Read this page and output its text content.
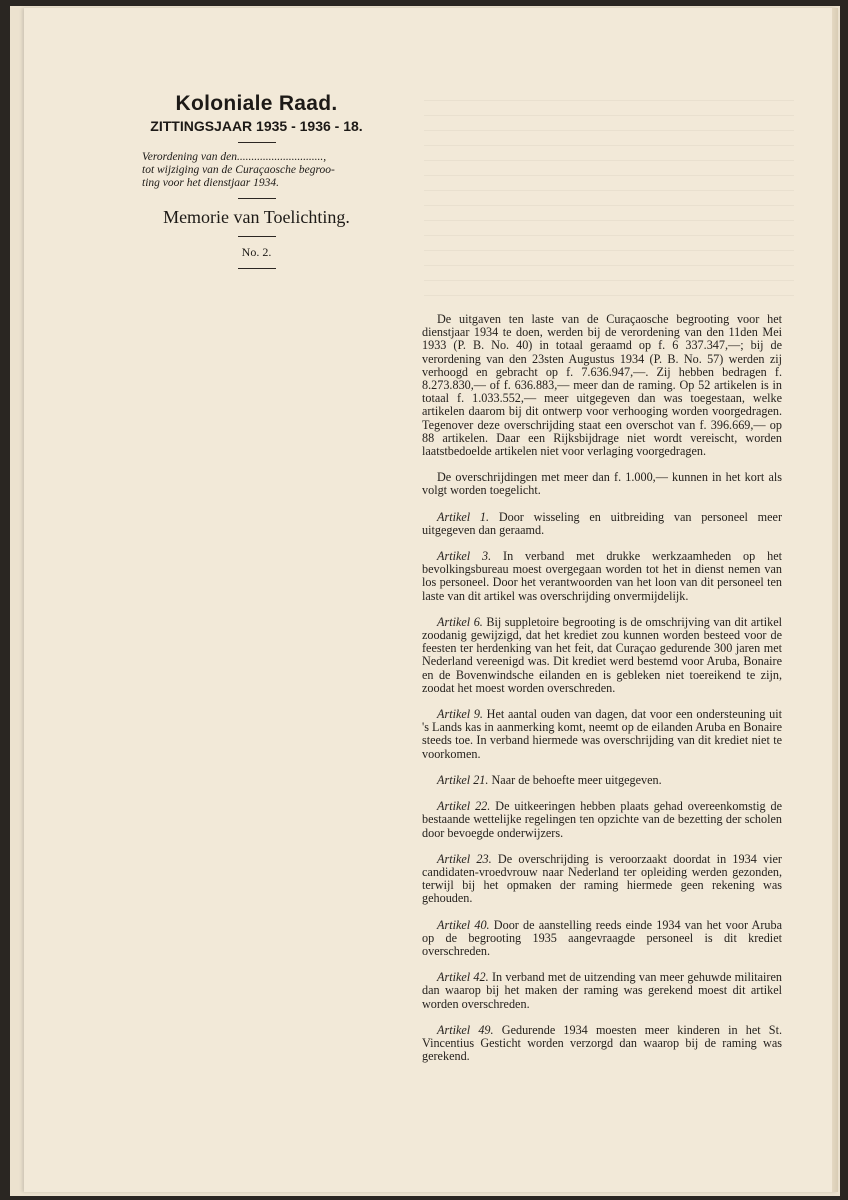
Koloniale Raad.
ZITTINGSJAAR 1935 - 1936 - 18.
Verordening van den..............................,
tot wijziging van de Curaçaosche begroo-
ting voor het dienstjaar 1934.
Memorie van Toelichting.
No. 2.

De uitgaven ten laste van de Curaçaosche begrooting voor het dienstjaar 1934 te doen, werden bij de verordening van den 11den Mei 1933 (P. B. No. 40) in totaal geraamd op f. 6 337.347,—; bij de verordening van den 23sten Augustus 1934 (P. B. No. 57) werden zij verhoogd en gebracht op f. 7.636.947,—. Zij hebben bedragen f. 8.273.830,— of f. 636.883,— meer dan de raming. Op 52 artikelen is in totaal f. 1.033.552,— meer uitgegeven dan was toegestaan, welke artikelen daarom bij dit ontwerp voor verhooging worden voorgedragen. Tegenover deze overschrijding staat een overschot van f. 396.669,— op 88 artikelen. Daar een Rijksbijdrage niet wordt vereischt, worden laatstbedoelde artikelen niet voor verlaging voorgedragen.

De overschrijdingen met meer dan f. 1.000,— kunnen in het kort als volgt worden toegelicht.

Artikel 1. Door wisseling en uitbreiding van personeel meer uitgegeven dan geraamd.

Artikel 3. In verband met drukke werkzaamheden op het bevolkingsbureau moest overgegaan worden tot het in dienst nemen van los personeel. Door het verantwoorden van het loon van dit personeel ten laste van dit artikel was overschrijding onvermijdelijk.

Artikel 6. Bij suppletoire begrooting is de omschrijving van dit artikel zoodanig gewijzigd, dat het krediet zou kunnen worden besteed voor de feesten ter herdenking van het feit, dat Curaçao gedurende 300 jaren met Nederland vereenigd was. Dit krediet werd bestemd voor Aruba, Bonaire en de Bovenwindsche eilanden en is gebleken niet toereikend te zijn, zoodat het moest worden overschreden.

Artikel 9. Het aantal ouden van dagen, dat voor een ondersteuning uit 's Lands kas in aanmerking komt, neemt op de eilanden Aruba en Bonaire steeds toe. In verband hiermede was overschrijding van dit krediet niet te voorkomen.

Artikel 21. Naar de behoefte meer uitgegeven.

Artikel 22. De uitkeeringen hebben plaats gehad overeenkomstig de bestaande wettelijke regelingen ten opzichte van de bezetting der scholen door bevoegde onderwijzers.

Artikel 23. De overschrijding is veroorzaakt doordat in 1934 vier candidaten-vroedvrouw naar Nederland ter opleiding werden gezonden, terwijl bij het opmaken der raming hiermede geen rekening was gehouden.

Artikel 40. Door de aanstelling reeds einde 1934 van het voor Aruba op de begrooting 1935 aangevraagde personeel is dit krediet overschreden.

Artikel 42. In verband met de uitzending van meer gehuwde militairen dan waarop bij het maken der raming was gerekend moest dit artikel worden overschreden.

Artikel 49. Gedurende 1934 moesten meer kinderen in het St. Vincentius Gesticht worden verzorgd dan waarop bij de raming was gerekend.
